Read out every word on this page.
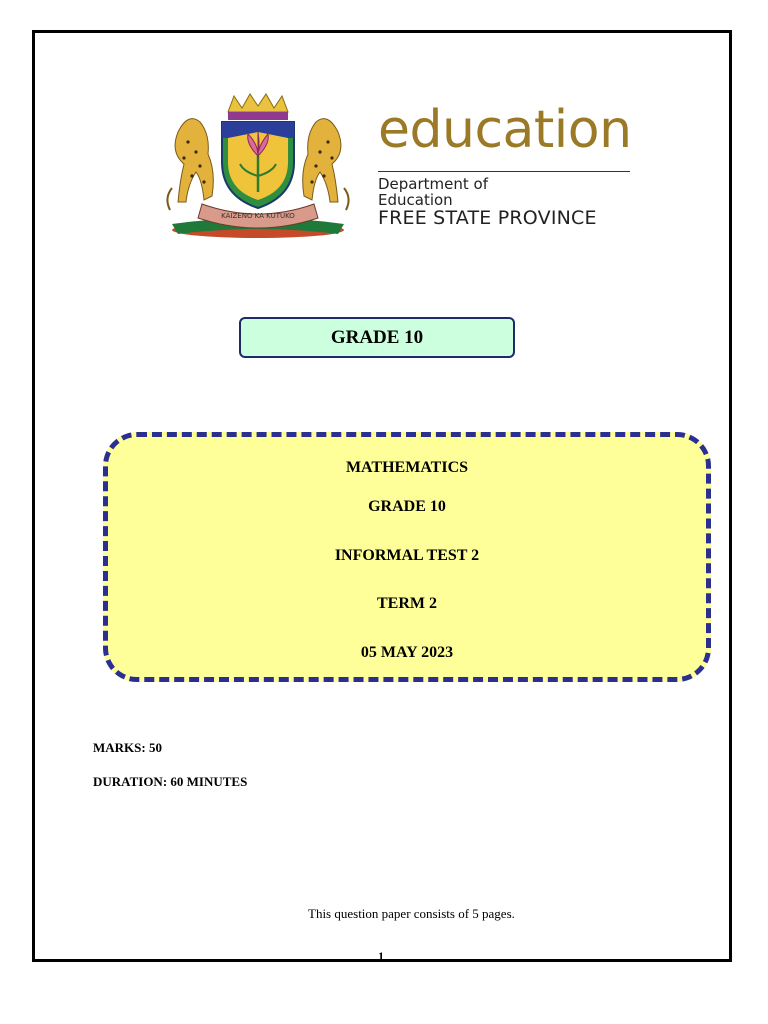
KAIZENO KA KUTUKO
education
Department of
Education
FREE STATE PROVINCE
GRADE 10
MATHEMATICS
GRADE 10
INFORMAL TEST 2
TERM 2
05 MAY 2023
MARKS: 50
DURATION: 60 MINUTES
This question paper consists of 5 pages.
1
